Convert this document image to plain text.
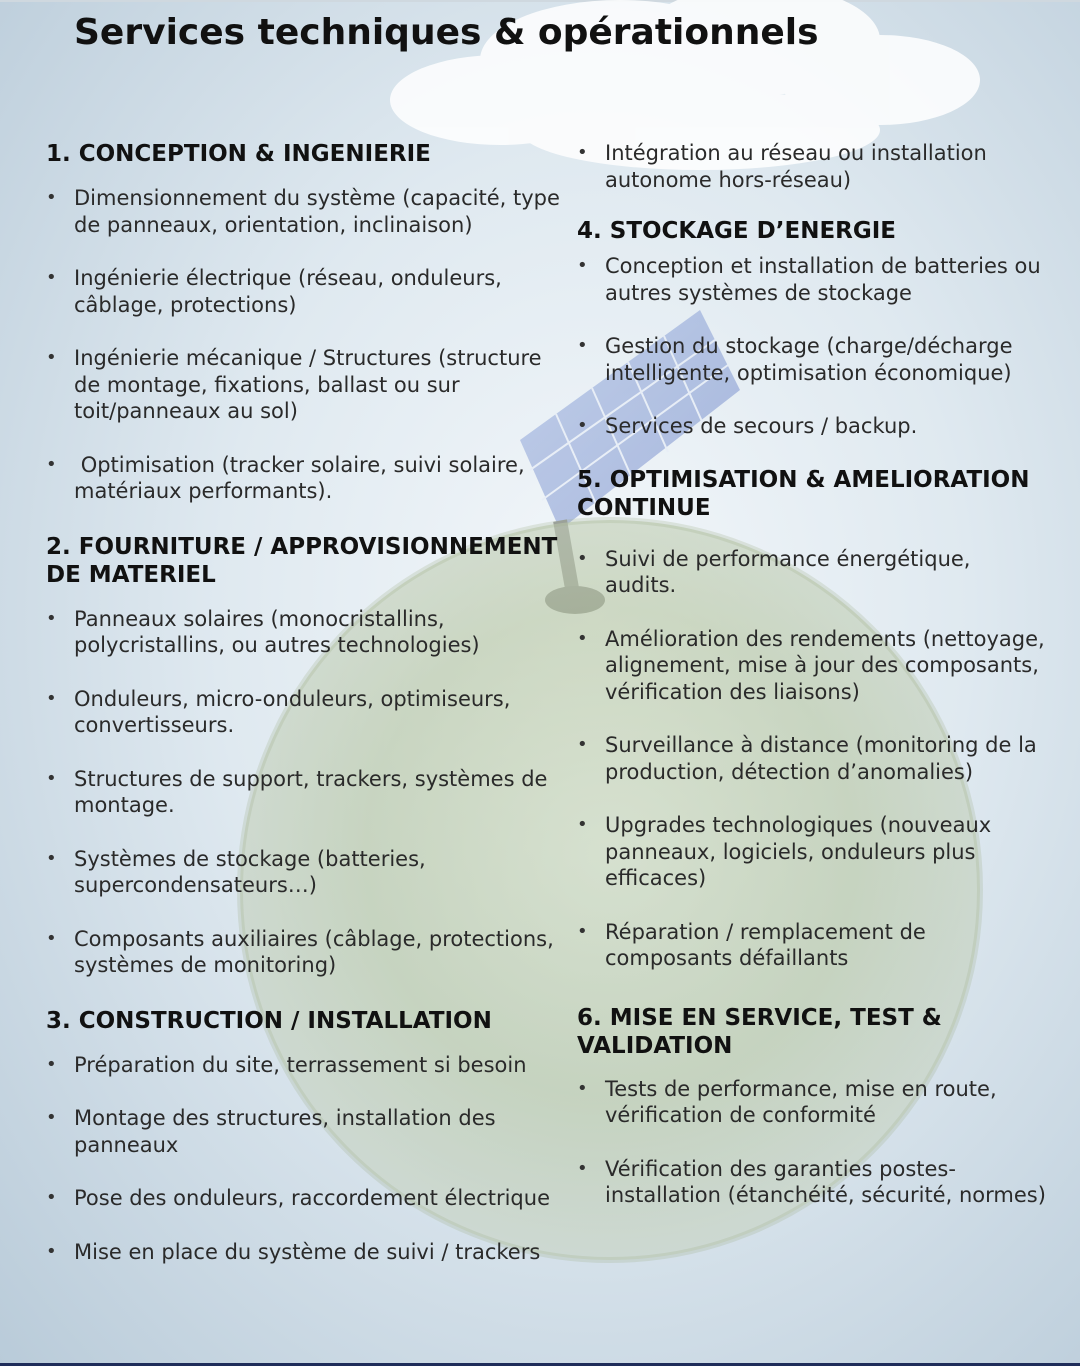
Services techniques & opérationnels
1. CONCEPTION & INGENIERIE
• Dimensionnement du système (capacité, type de panneaux, orientation, inclinaison)
• Ingénierie électrique (réseau, onduleurs, câblage, protections)
• Ingénierie mécanique / Structures (structure de montage, fixations, ballast ou sur toit/panneaux au sol)
• Optimisation (tracker solaire, suivi solaire, matériaux performants).
2. FOURNITURE / APPROVISIONNEMENT DE MATERIEL
• Panneaux solaires (monocristallins, polycristallins, ou autres technologies)
• Onduleurs, micro-onduleurs, optimiseurs, convertisseurs.
• Structures de support, trackers, systèmes de montage.
• Systèmes de stockage (batteries, supercondensateurs…)
• Composants auxiliaires (câblage, protections, systèmes de monitoring)
3. CONSTRUCTION / INSTALLATION
• Préparation du site, terrassement si besoin
• Montage des structures, installation des panneaux
• Pose des onduleurs, raccordement électrique
• Mise en place du système de suivi / trackers
• Intégration au réseau ou installation autonome hors-réseau)
4. STOCKAGE D’ENERGIE
• Conception et installation de batteries ou autres systèmes de stockage
• Gestion du stockage (charge/décharge intelligente, optimisation économique)
• Services de secours / backup.
5. OPTIMISATION & AMELIORATION CONTINUE
• Suivi de performance énergétique, audits.
• Amélioration des rendements (nettoyage, alignement, mise à jour des composants, vérification des liaisons)
• Surveillance à distance (monitoring de la production, détection d’anomalies)
• Upgrades technologiques (nouveaux panneaux, logiciels, onduleurs plus efficaces)
• Réparation / remplacement de composants défaillants
6. MISE EN SERVICE, TEST & VALIDATION
• Tests de performance, mise en route, vérification de conformité
• Vérification des garanties postes-installation (étanchéité, sécurité, normes)
